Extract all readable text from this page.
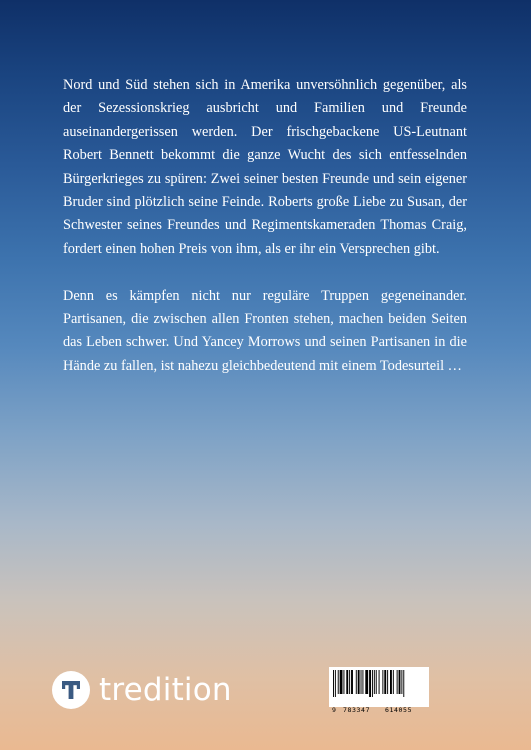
Nord und Süd stehen sich in Amerika unversöhnlich gegenüber, als der Sezessionskrieg ausbricht und Familien und Freunde auseinandergerissen werden. Der frischgebackene US-Leutnant Robert Bennett bekommt die ganze Wucht des sich entfesselnden Bürgerkrieges zu spüren: Zwei seiner besten Freunde und sein eigener Bruder sind plötzlich seine Feinde. Roberts große Liebe zu Susan, der Schwester seines Freundes und Regimentskameraden Thomas Craig, fordert einen hohen Preis von ihm, als er ihr ein Versprechen gibt.

Denn es kämpfen nicht nur reguläre Truppen gegeneinander. Partisanen, die zwischen allen Fronten stehen, machen beiden Seiten das Leben schwer. Und Yancey Morrows und seinen Partisanen in die Hände zu fallen, ist nahezu gleichbedeutend mit einem Todesurteil …

tredition
9 783347 614055
